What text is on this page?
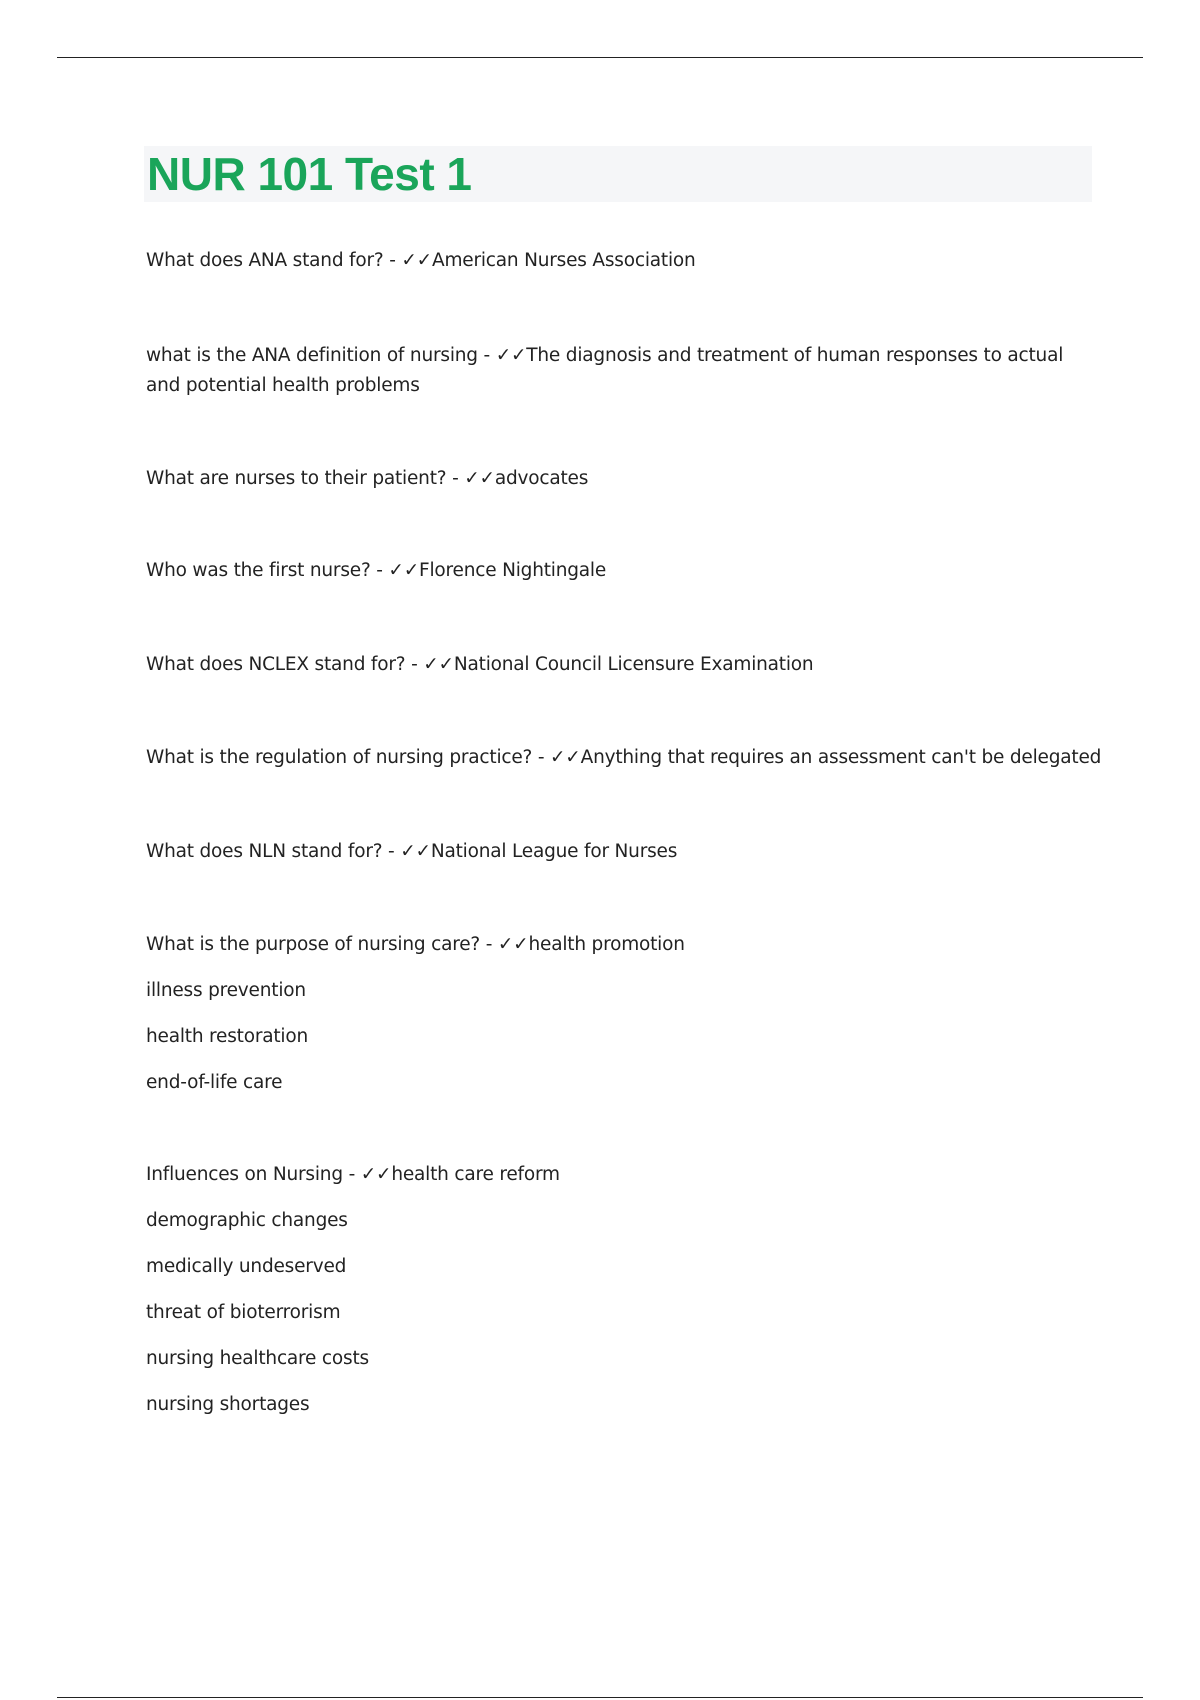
NUR 101 Test 1
What does ANA stand for? - ✓✓American Nurses Association
what is the ANA definition of nursing - ✓✓The diagnosis and treatment of human responses to actual and potential health problems
What are nurses to their patient? - ✓✓advocates
Who was the first nurse? - ✓✓Florence Nightingale
What does NCLEX stand for? - ✓✓National Council Licensure Examination
What is the regulation of nursing practice? - ✓✓Anything that requires an assessment can't be delegated
What does NLN stand for? - ✓✓National League for Nurses
What is the purpose of nursing care? - ✓✓health promotion
illness prevention
health restoration
end-of-life care
Influences on Nursing - ✓✓health care reform
demographic changes
medically undeserved
threat of bioterrorism
nursing healthcare costs
nursing shortages
